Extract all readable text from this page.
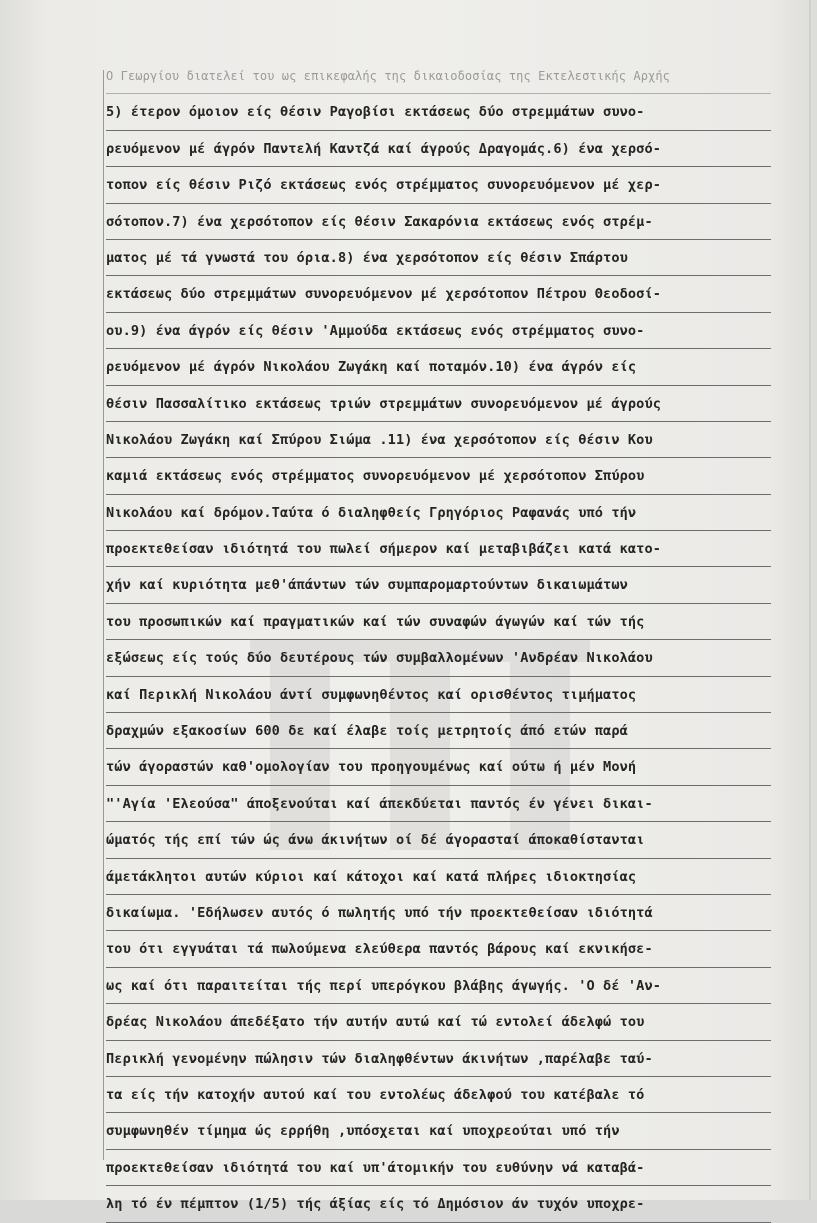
Ο Γεωργίου διατελεί του ως επικεφαλής της δικαιοδοσίας της Εκτελεστικής Αρχής
5) έτερον όμοιον είς θέσιν Ραγοβίσι εκτάσεως δύο στρεμμάτων συνο-
ρευόμενον μέ άγρόν Παντελή Καντζά καί άγρούς Δραγομάς.6) ένα χερσό-
τοπον είς θέσιν Ριζό εκτάσεως ενός στρέμματος συνορευόμενον μέ χερ-
σότοπον.7) ένα χερσότοπον είς θέσιν Σακαρόνια εκτάσεως ενός στρέμ-
ματος μέ τά γνωστά του όρια.8) ένα χερσότοπον είς θέσιν Σπάρτου
εκτάσεως δύο στρεμμάτων συνορευόμενον μέ χερσότοπον Πέτρου Θεοδοσί-
ου.9) ένα άγρόν είς θέσιν 'Αμμούδα εκτάσεως ενός στρέμματος συνο-
ρευόμενον μέ άγρόν Νικολάου Ζωγάκη καί ποταμόν.10) ένα άγρόν είς
θέσιν Πασσαλίτικο εκτάσεως τριών στρεμμάτων συνορευόμενον μέ άγρούς
Νικολάου Ζωγάκη καί Σπύρου Σιώμα .11) ένα χερσότοπον είς θέσιν Κου
καμιά εκτάσεως ενός στρέμματος συνορευόμενον μέ χερσότοπον Σπύρου
Νικολάου καί δρόμον.Ταύτα ό διαληφθείς Γρηγόριος Ραφανάς υπό τήν
προεκτεθείσαν ιδιότητά του πωλεί σήμερον καί μεταβιβάζει κατά κατο-
χήν καί κυριότητα μεθ'άπάντων τών συμπαρομαρτούντων δικαιωμάτων
του προσωπικών καί πραγματικών καί τών συναφών άγωγών καί τών τής
εξώσεως είς τούς δύο δευτέρους τών συμβαλλομένων 'Ανδρέαν Νικολάου
καί Περικλή Νικολάου άντί συμφωνηθέντος καί ορισθέντος τιμήματος
δραχμών εξακοσίων 600 δε καί έλαβε τοίς μετρητοίς άπό ετών παρά
τών άγοραστών καθ'ομολογίαν του προηγουμένως καί ούτω ή μέν Μονή
"'Αγία 'Ελεούσα" άποξενούται καί άπεκδύεται παντός έν γένει δικαι-
ώματός τής επί τών ώς άνω άκινήτων οί δέ άγορασταί άποκαθίστανται
άμετάκλητοι αυτών κύριοι καί κάτοχοι καί κατά πλήρες ιδιοκτησίας
δικαίωμα. 'Εδήλωσεν αυτός ό πωλητής υπό τήν προεκτεθείσαν ιδιότητά
του ότι εγγυάται τά πωλούμενα ελεύθερα παντός βάρους καί εκνικήσε-
ως καί ότι παραιτείται τής περί υπερόγκου βλάβης άγωγής. 'Ο δέ 'Αν-
δρέας Νικολάου άπεδέξατο τήν αυτήν αυτώ καί τώ εντολεί άδελφώ του
Περικλή γενομένην πώλησιν τών διαληφθέντων άκινήτων ,παρέλαβε ταύ-
τα είς τήν κατοχήν αυτού καί του εντολέως άδελφού του κατέβαλε τό
συμφωνηθέν τίμημα ώς ερρήθη ,υπόσχεται καί υποχρεούται υπό τήν
προεκτεθείσαν ιδιότητά του καί υπ'άτομικήν του ευθύνην νά καταβά-
λη τό έν πέμπτον (1/5) τής άξίας είς τό Δημόσιον άν τυχόν υποχρε-
